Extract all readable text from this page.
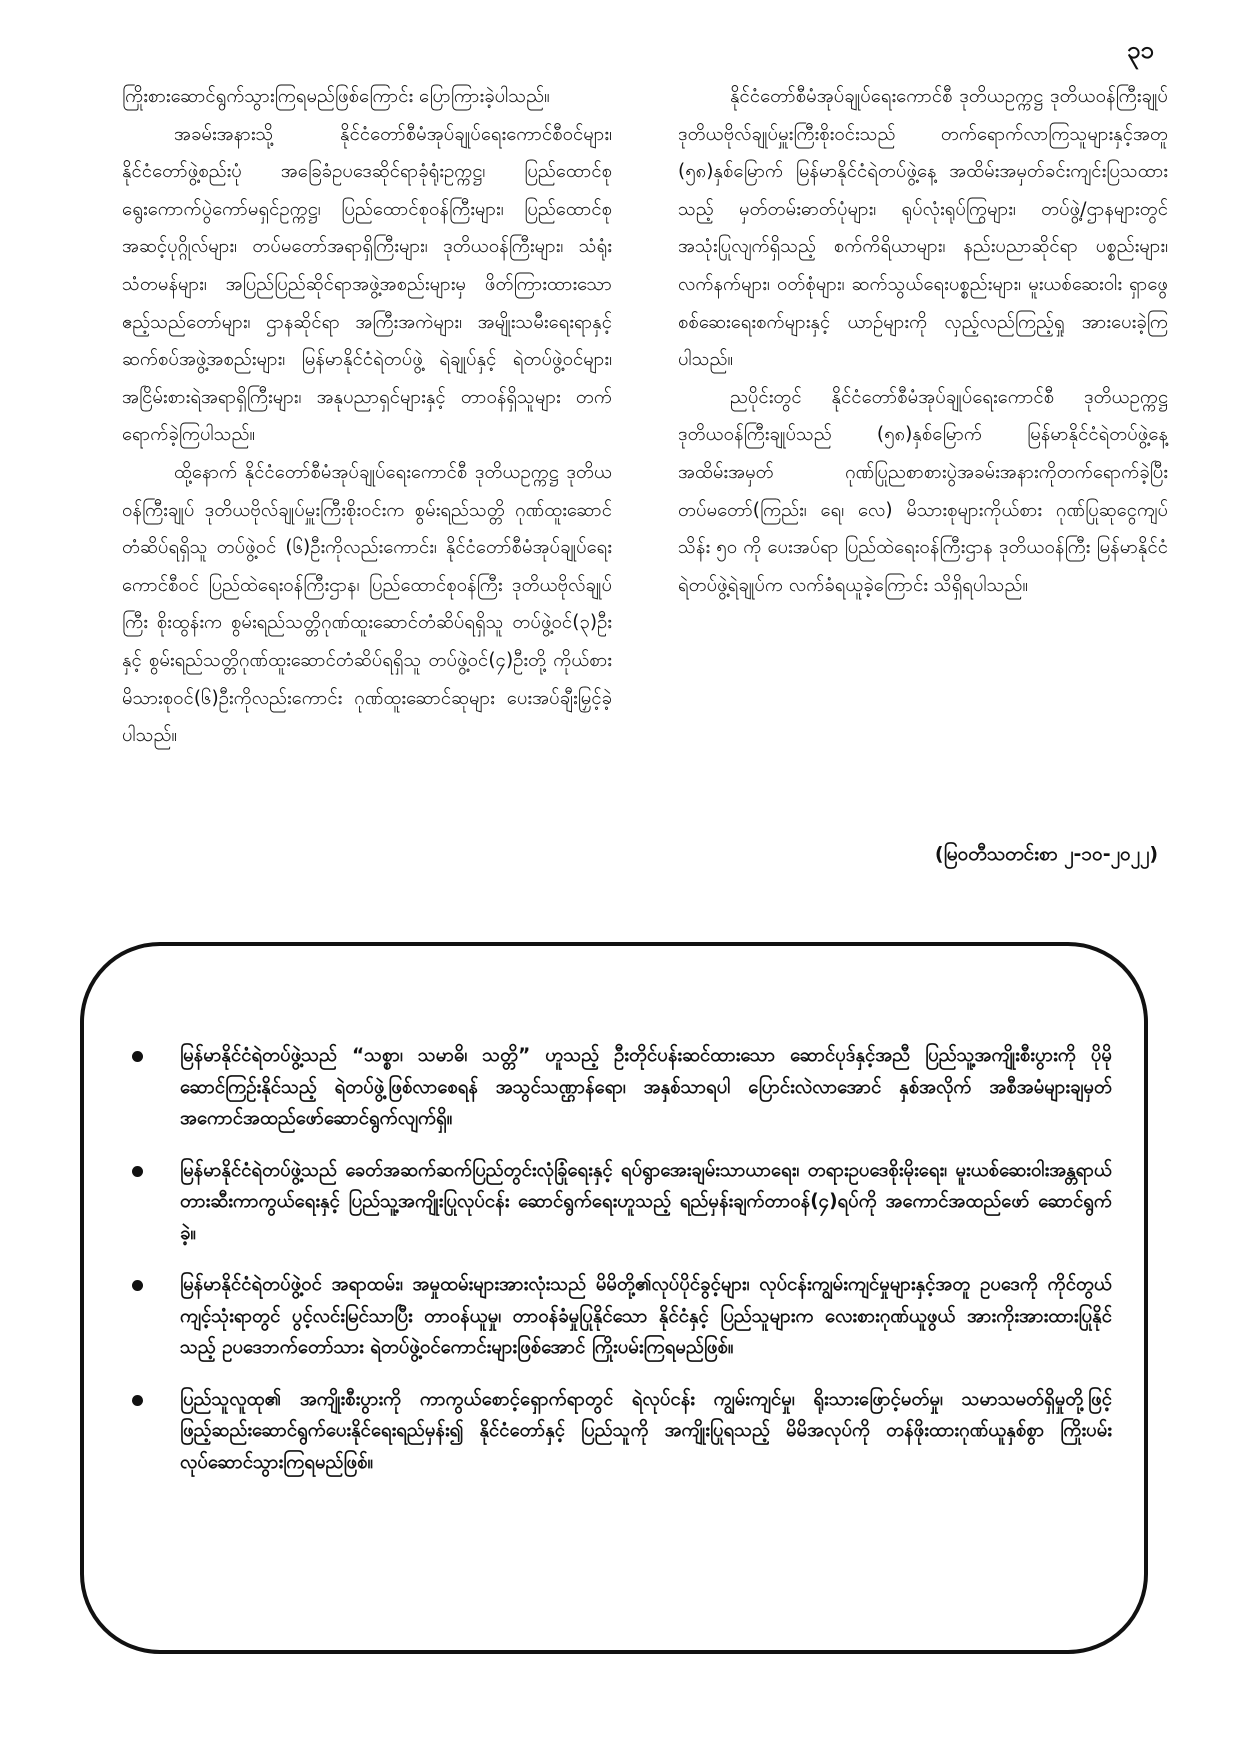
၃၁

ကြိုးစားဆောင်ရွက်သွားကြရမည်ဖြစ်ကြောင်း ပြောကြားခဲ့ပါသည်။

အခမ်းအနားသို့ နိုင်ငံတော်စီမံအုပ်ချုပ်ရေးကောင်စီဝင်များ၊ နိုင်ငံတော်ဖွဲ့စည်းပုံ အခြေခံဥပဒေဆိုင်ရာခုံရုံးဥက္ကဋ္ဌ၊ ပြည်ထောင်စုရွေးကောက်ပွဲကော်မရှင်ဥက္ကဋ္ဌ၊ ပြည်ထောင်စုဝန်ကြီးများ၊ ပြည်ထောင်စုအဆင့်ပုဂ္ဂိုလ်များ၊ တပ်မတော်အရာရှိကြီးများ၊ ဒုတိယဝန်ကြီးများ၊ သံရုံးသံတမန်များ၊ အပြည်ပြည်ဆိုင်ရာအဖွဲ့အစည်းများမှ ဖိတ်ကြားထားသော ဧည့်သည်တော်များ၊ ဌာနဆိုင်ရာ အကြီးအကဲများ၊ အမျိုးသမီးရေးရာနှင့်ဆက်စပ်အဖွဲ့အစည်းများ၊ မြန်မာနိုင်ငံရဲတပ်ဖွဲ့ ရဲချုပ်နှင့် ရဲတပ်ဖွဲ့ဝင်များ၊ အငြိမ်းစားရဲအရာရှိကြီးများ၊ အနုပညာရှင်များနှင့် တာဝန်ရှိသူများ တက်ရောက်ခဲ့ကြပါသည်။

ထို့နောက် နိုင်ငံတော်စီမံအုပ်ချုပ်ရေးကောင်စီ ဒုတိယဥက္ကဋ္ဌ ဒုတိယဝန်ကြီးချုပ် ဒုတိယဗိုလ်ချုပ်မှူးကြီးစိုးဝင်းက စွမ်းရည်သတ္တိ ဂုဏ်ထူးဆောင်တံဆိပ်ရရှိသူ တပ်ဖွဲ့ဝင် (၆)ဦးကိုလည်းကောင်း၊ နိုင်ငံတော်စီမံအုပ်ချုပ်ရေးကောင်စီဝင် ပြည်ထဲရေးဝန်ကြီးဌာန၊ ပြည်ထောင်စုဝန်ကြီး ဒုတိယဗိုလ်ချုပ်ကြီး စိုးထွန်းက စွမ်းရည်သတ္တိဂုဏ်ထူးဆောင်တံဆိပ်ရရှိသူ တပ်ဖွဲ့ဝင်(၃)ဦးနှင့် စွမ်းရည်သတ္တိဂုဏ်ထူးဆောင်တံဆိပ်ရရှိသူ တပ်ဖွဲ့ဝင်(၄)ဦးတို့ ကိုယ်စားမိသားစုဝင်(၆)ဦးကိုလည်းကောင်း ဂုဏ်ထူးဆောင်ဆုများ ပေးအပ်ချီးမြှင့်ခဲ့ပါသည်။

နိုင်ငံတော်စီမံအုပ်ချုပ်ရေးကောင်စီ ဒုတိယဥက္ကဋ္ဌ ဒုတိယဝန်ကြီးချုပ် ဒုတိယဗိုလ်ချုပ်မှူးကြီးစိုးဝင်းသည် တက်ရောက်လာကြသူများနှင့်အတူ (၅၈)နှစ်မြောက် မြန်မာနိုင်ငံရဲတပ်ဖွဲ့နေ့ အထိမ်းအမှတ်ခင်းကျင်းပြသထားသည့် မှတ်တမ်းဓာတ်ပုံများ၊ ရုပ်လုံးရုပ်ကြွများ၊ တပ်ဖွဲ့/ဌာနများတွင် အသုံးပြုလျက်ရှိသည့် စက်ကိရိယာများ၊ နည်းပညာဆိုင်ရာ ပစ္စည်းများ၊ လက်နက်များ၊ ဝတ်စုံများ၊ ဆက်သွယ်ရေးပစ္စည်းများ၊ မူးယစ်ဆေးဝါး ရှာဖွေစစ်ဆေးရေးစက်များနှင့် ယာဉ်များကို လှည့်လည်ကြည့်ရှု အားပေးခဲ့ကြပါသည်။

ညပိုင်းတွင် နိုင်ငံတော်စီမံအုပ်ချုပ်ရေးကောင်စီ ဒုတိယဥက္ကဋ္ဌ ဒုတိယဝန်ကြီးချုပ်သည် (၅၈)နှစ်မြောက် မြန်မာနိုင်ငံရဲတပ်ဖွဲ့နေ့အထိမ်းအမှတ် ဂုဏ်ပြုညစာစားပွဲအခမ်းအနားကိုတက်ရောက်ခဲ့ပြီး တပ်မတော်(ကြည်း၊ ရေ၊ လေ) မိသားစုများကိုယ်စား ဂုဏ်ပြုဆုငွေကျပ် သိန်း ၅၀ ကို ပေးအပ်ရာ ပြည်ထဲရေးဝန်ကြီးဌာန ဒုတိယဝန်ကြီး မြန်မာနိုင်ငံရဲတပ်ဖွဲ့ရဲချုပ်က လက်ခံရယူခဲ့ကြောင်း သိရှိရပါသည်။

(မြဝတီသတင်းစာ ၂-၁၀-၂၀၂၂)
မြန်မာနိုင်ငံရဲတပ်ဖွဲ့သည် “သစ္စာ၊ သမာဓိ၊ သတ္တိ” ဟူသည့် ဦးတိုင်ပန်းဆင်ထားသော ဆောင်ပုဒ်နှင့်အညီ ပြည်သူ့အကျိုးစီးပွားကို ပိုမိုဆောင်ကြဉ်းနိုင်သည့် ရဲတပ်ဖွဲ့ဖြစ်လာစေရန် အသွင်သဏ္ဌာန်ရော၊ အနှစ်သာရပါ ပြောင်းလဲလာအောင် နှစ်အလိုက် အစီအမံများချမှတ်အကောင်အထည်ဖော်ဆောင်ရွက်လျက်ရှိ။
မြန်မာနိုင်ငံရဲတပ်ဖွဲ့သည် ခေတ်အဆက်ဆက်ပြည်တွင်းလုံခြုံရေးနှင့် ရပ်ရွာအေးချမ်းသာယာရေး၊ တရားဥပဒေစိုးမိုးရေး၊ မူးယစ်ဆေးဝါးအန္တရာယ် တားဆီးကာကွယ်ရေးနှင့် ပြည်သူ့အကျိုးပြုလုပ်ငန်း ဆောင်ရွက်ရေးဟူသည့် ရည်မှန်းချက်တာဝန်(၄)ရပ်ကို အကောင်အထည်ဖော် ဆောင်ရွက်ခဲ့။
မြန်မာနိုင်ငံရဲတပ်ဖွဲ့ဝင် အရာထမ်း၊ အမှုထမ်းများအားလုံးသည် မိမိတို့၏လုပ်ပိုင်ခွင့်များ၊ လုပ်ငန်းကျွမ်းကျင်မှုများနှင့်အတူ ဥပဒေကို ကိုင်တွယ်ကျင့်သုံးရာတွင် ပွင့်လင်းမြင်သာပြီး တာဝန်ယူမှု၊ တာဝန်ခံမှုပြုနိုင်သော နိုင်ငံနှင့် ပြည်သူများက လေးစားဂုဏ်ယူဖွယ် အားကိုးအားထားပြုနိုင်သည့် ဥပဒေဘက်တော်သား ရဲတပ်ဖွဲ့ဝင်ကောင်းများဖြစ်အောင် ကြိုးပမ်းကြရမည်ဖြစ်။
ပြည်သူလူထု၏ အကျိုးစီးပွားကို ကာကွယ်စောင့်ရှောက်ရာတွင် ရဲလုပ်ငန်း ကျွမ်းကျင်မှု၊ ရိုးသားဖြောင့်မတ်မှု၊ သမာသမတ်ရှိမှုတို့ဖြင့် ဖြည့်ဆည်းဆောင်ရွက်ပေးနိုင်ရေးရည်မှန်း၍ နိုင်ငံတော်နှင့် ပြည်သူကို အကျိုးပြုရသည့် မိမိအလုပ်ကို တန်ဖိုးထားဂုဏ်ယူနှစ်စွာ ကြိုးပမ်းလုပ်ဆောင်သွားကြရမည်ဖြစ်။
